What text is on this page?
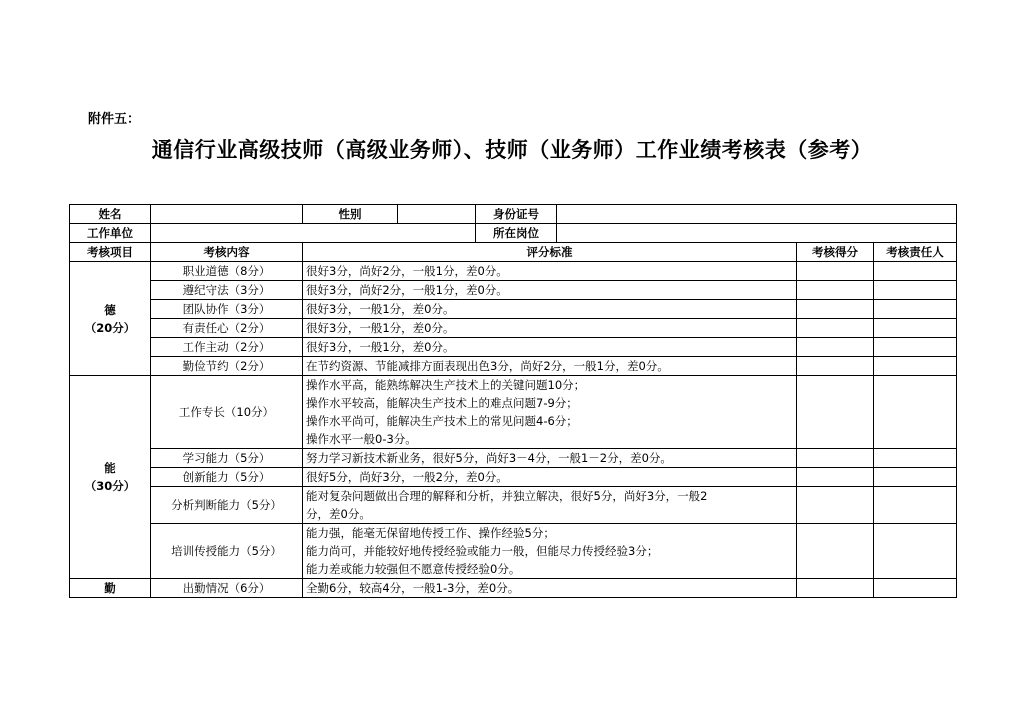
附件五：
通信行业高级技师（高级业务师）、技师（业务师）工作业绩考核表（参考）
姓名		性别		身份证号			
工作单位				所在岗位			
考核项目	考核内容	评分标准				考核得分	考核责任人

德
（20分）	职业道德（8分）	很好3分，尚好2分，一般1分，差0分。					

	遵纪守法（3分）	很好3分，尚好2分，一般1分，差0分。					

	团队协作（3分）	很好3分，一般1分，差0分。					

	有责任心（2分）	很好3分，一般1分，差0分。					

	工作主动（2分）	很好3分，一般1分，差0分。					

	勤俭节约（2分）	在节约资源、节能减排方面表现出色3分，尚好2分，一般1分，差0分。					

能
（30分）	工作专长（10分）	操作水平高，能熟练解决生产技术上的关键问题10分；
操作水平较高，能解决生产技术上的难点问题7-9分；
操作水平尚可，能解决生产技术上的常见问题4-6分；
操作水平一般0-3分。					

	学习能力（5分）	努力学习新技术新业务，很好5分，尚好3－4分，一般1－2分，差0分。					

	创新能力（5分）	很好5分，尚好3分，一般2分，差0分。					

	分析判断能力（5分）	能对复杂问题做出合理的解释和分析，并独立解决，很好5分，尚好3分，一般2
分，差0分。					

	培训传授能力（5分）	能力强，能毫无保留地传授工作、操作经验5分；
能力尚可，并能较好地传授经验或能力一般，但能尽力传授经验3分；
能力差或能力较强但不愿意传授经验0分。					

勤	出勤情况（6分）	全勤6分，较高4分，一般1-3分，差0分。					
